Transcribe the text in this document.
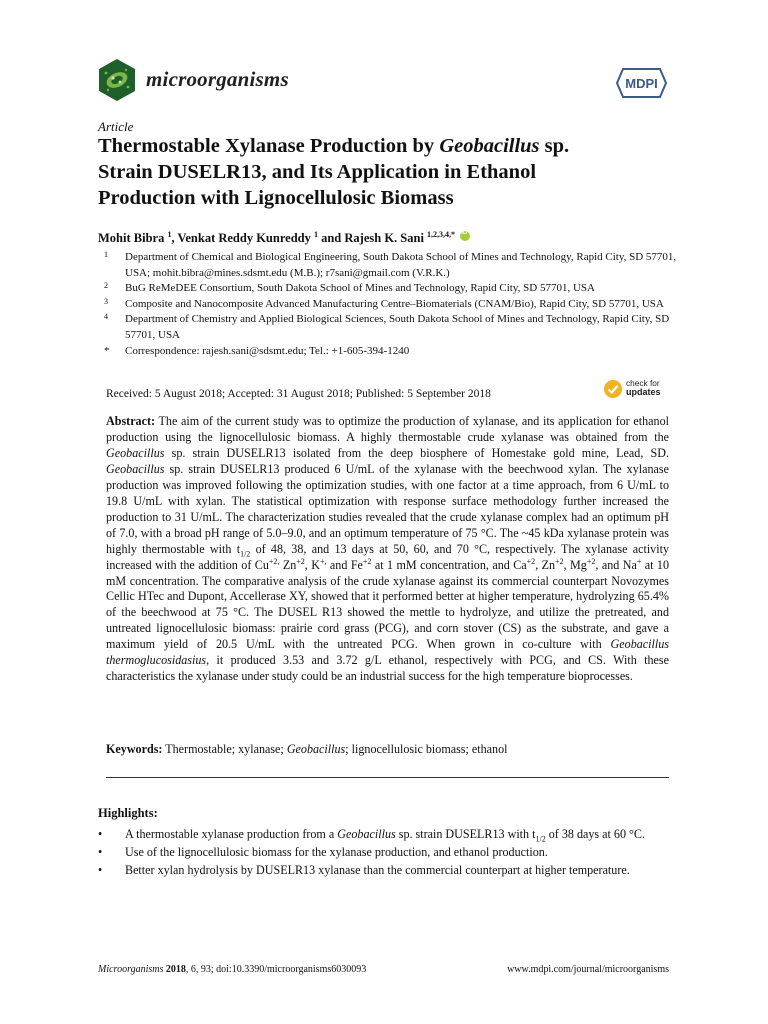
microorganisms	MDPI
Article
Thermostable Xylanase Production by Geobacillus sp.
Strain DUSELR13, and Its Application in Ethanol
Production with Lignocellulosic Biomass
Mohit Bibra $^1$, Venkat Reddy Kunreddy $^1$ and Rajesh K. Sani $^{1,2,3,4,*}$ iD
1 Department of Chemical and Biological Engineering, South Dakota School of Mines and Technology, Rapid City, SD 57701, USA; mohit.bibra@mines.sdsmt.edu (M.B.); r7sani@gmail.com (V.R.K.)
2 BuG ReMeDEE Consortium, South Dakota School of Mines and Technology, Rapid City, SD 57701, USA
3 Composite and Nanocomposite Advanced Manufacturing Centre–Biomaterials (CNAM/Bio), Rapid City, SD 57701, USA
4 Department of Chemistry and Applied Biological Sciences, South Dakota School of Mines and Technology, Rapid City, SD 57701, USA
* Correspondence: rajesh.sani@sdsmt.edu; Tel.: +1-605-394-1240
Received: 5 August 2018; Accepted: 31 August 2018; Published: 5 September 2018
check for
updates
Abstract: The aim of the current study was to optimize the production of xylanase, and its application for ethanol production using the lignocellulosic biomass. A highly thermostable crude xylanase was obtained from the Geobacillus sp. strain DUSELR13 isolated from the deep biosphere of Homestake gold mine, Lead, SD. Geobacillus sp. strain DUSELR13 produced 6 U/mL of the xylanase with the beechwood xylan. The xylanase production was improved following the optimization studies, with one factor at a time approach, from 6 U/mL to 19.8 U/mL with xylan. The statistical optimization with response surface methodology further increased the production to 31 U/mL. The characterization studies revealed that the crude xylanase complex had an optimum pH of 7.0, with a broad pH range of 5.0–9.0, and an optimum temperature of 75 °C. The ~45 kDa xylanase protein was highly thermostable with $t_{1/2}$ of 48, 38, and 13 days at 50, 60, and 70 °C, respectively. The xylanase activity increased with the addition of $Cu^{+2,}$ $Zn^{+2}$, K+, and $Fe^{+2}$ at 1 mM concentration, and $Ca^{+2}$, $Zn^{+2}$, $Mg^{+2}$, and Na+ at 10 mM concentration. The comparative analysis of the crude xylanase against its commercial counterpart Novozymes Cellic HTec and Dupont, Accellerase XY, showed that it performed better at higher temperature, hydrolyzing 65.4% of the beechwood at 75 °C. The DUSEL R13 showed the mettle to hydrolyze, and utilize the pretreated, and untreated lignocellulosic biomass: prairie cord grass (PCG), and corn stover (CS) as the substrate, and gave a maximum yield of 20.5 U/mL with the untreated PCG. When grown in co-culture with Geobacillus thermoglucosidasius, it produced 3.53 and 3.72 g/L ethanol, respectively with PCG, and CS. With these characteristics the xylanase under study could be an industrial success for the high temperature bioprocesses.
Keywords: Thermostable; xylanase; Geobacillus; lignocellulosic biomass; ethanol
Highlights:
• A thermostable xylanase production from a Geobacillus sp. strain DUSELR13 with $t_{1/2}$ of 38 days at 60 °C.
• Use of the lignocellulosic biomass for the xylanase production, and ethanol production.
• Better xylan hydrolysis by DUSELR13 xylanase than the commercial counterpart at higher temperature.
Microorganisms 2018, 6, 93; doi:10.3390/microorganisms6030093	www.mdpi.com/journal/microorganisms
